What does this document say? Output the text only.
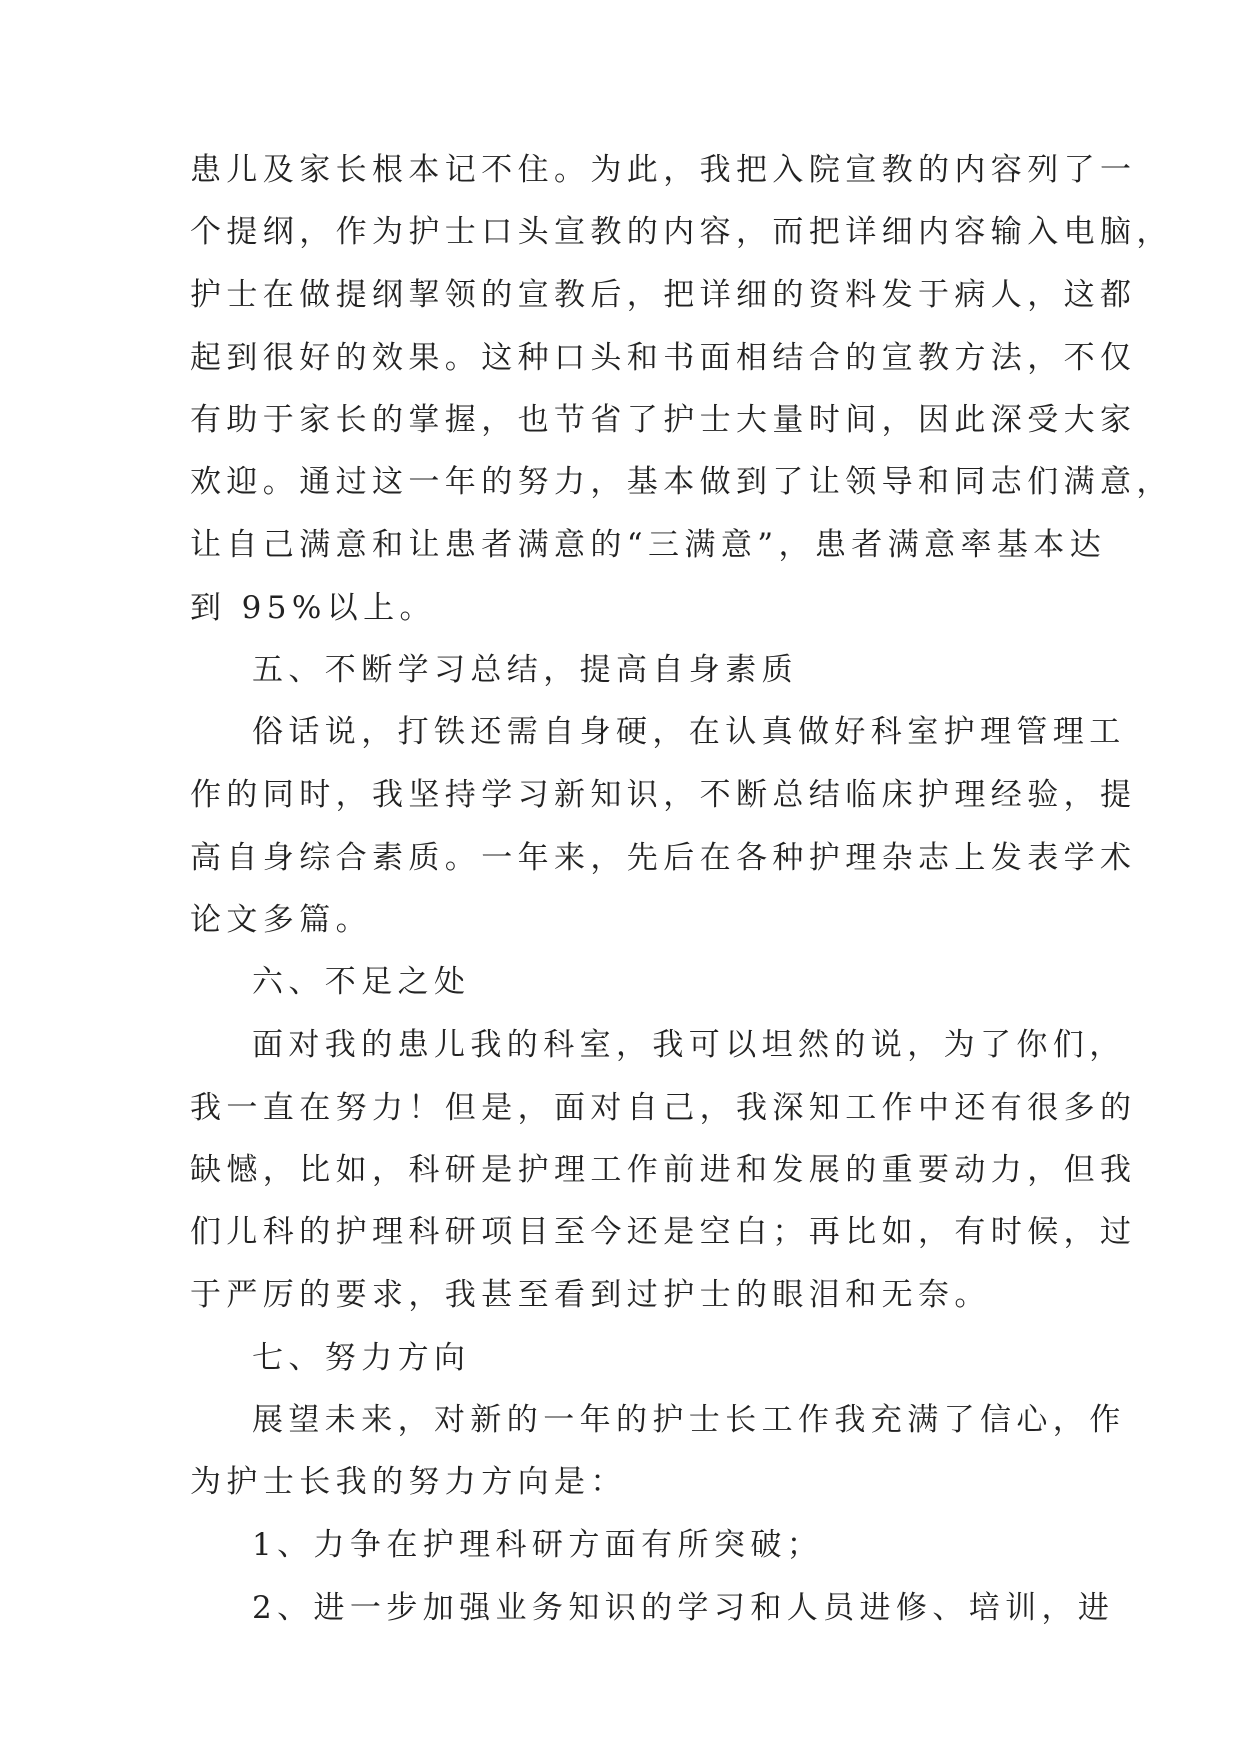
患儿及家长根本记不住。为此，我把入院宣教的内容列了一
个提纲，作为护士口头宣教的内容，而把详细内容输入电脑，
护士在做提纲挈领的宣教后，把详细的资料发于病人，这都
起到很好的效果。这种口头和书面相结合的宣教方法，不仅
有助于家长的掌握，也节省了护士大量时间，因此深受大家
欢迎。通过这一年的努力，基本做到了让领导和同志们满意，
让自己满意和让患者满意的“三满意”，患者满意率基本达
到 95%以上。
五、不断学习总结，提高自身素质
俗话说，打铁还需自身硬，在认真做好科室护理管理工
作的同时，我坚持学习新知识，不断总结临床护理经验，提
高自身综合素质。一年来，先后在各种护理杂志上发表学术
论文多篇。
六、不足之处
面对我的患儿我的科室，我可以坦然的说，为了你们，
我一直在努力！但是，面对自己，我深知工作中还有很多的
缺憾，比如，科研是护理工作前进和发展的重要动力，但我
们儿科的护理科研项目至今还是空白；再比如，有时候，过
于严厉的要求，我甚至看到过护士的眼泪和无奈。
七、努力方向
展望未来，对新的一年的护士长工作我充满了信心，作
为护士长我的努力方向是：
1、力争在护理科研方面有所突破；
2、进一步加强业务知识的学习和人员进修、培训，进
